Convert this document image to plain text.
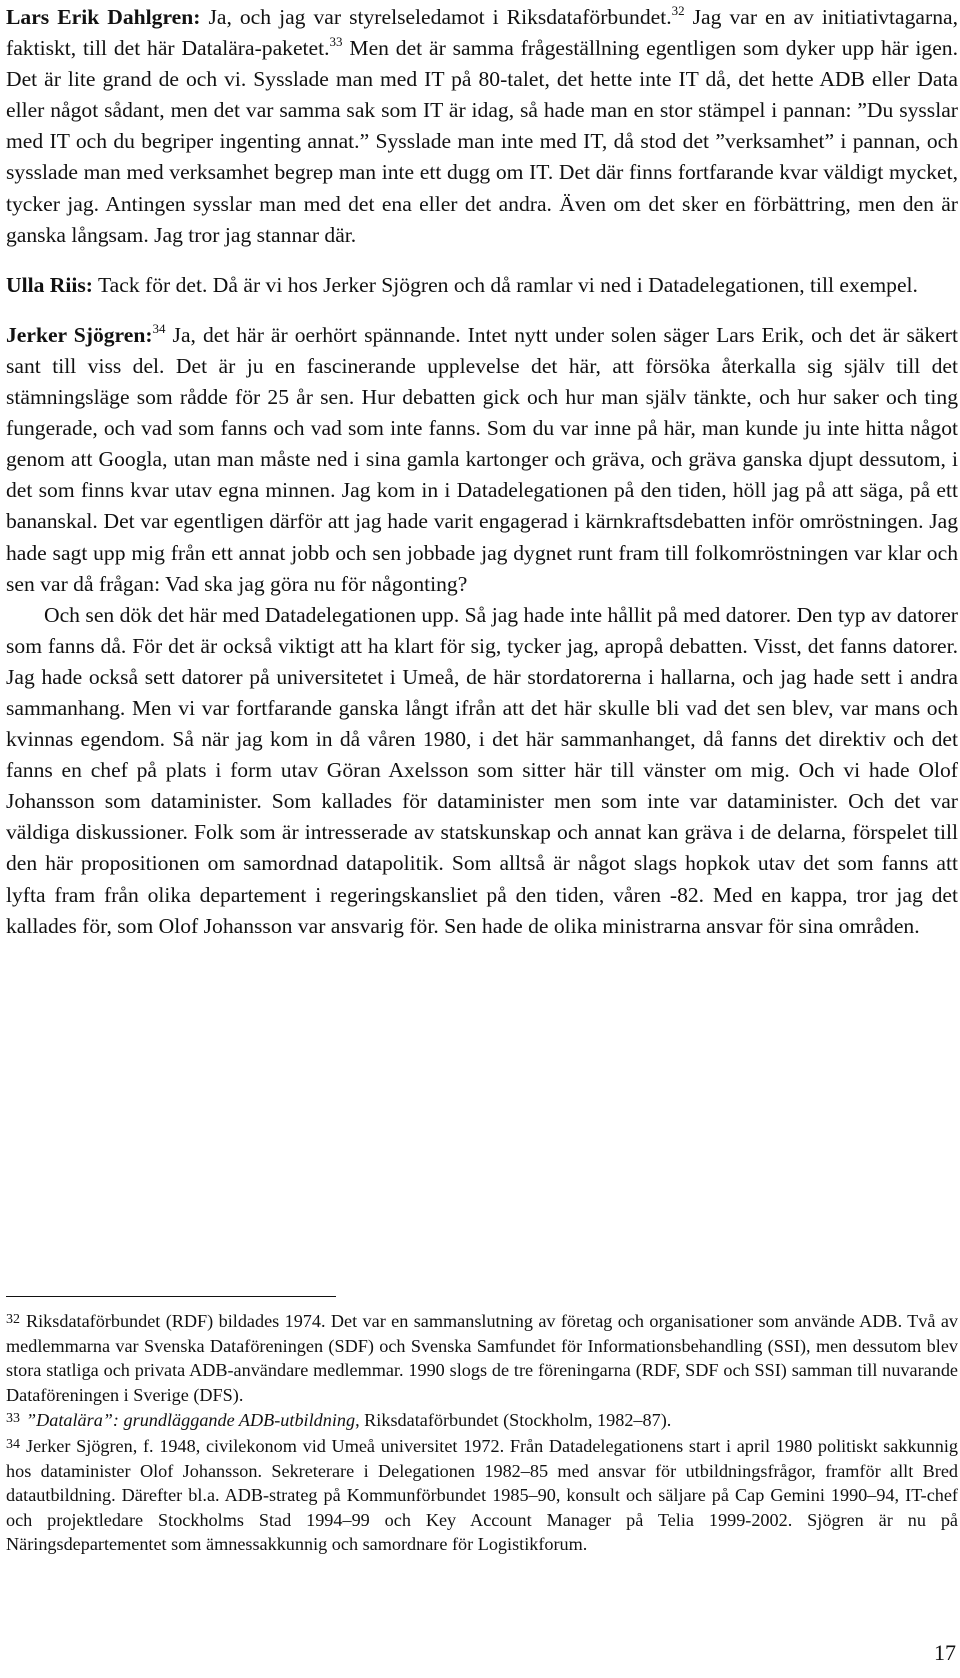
Lars Erik Dahlgren: Ja, och jag var styrelseledamot i Riksdataförbundet.$^{32}$ Jag var en av initiativtagarna, faktiskt, till det här Datalära-paketet.$^{33}$ Men det är samma frågeställning egentligen som dyker upp här igen. Det är lite grand de och vi. Sysslade man med IT på 80-talet, det hette inte IT då, det hette ADB eller Data eller något sådant, men det var samma sak som IT är idag, så hade man en stor stämpel i pannan: ”Du sysslar med IT och du begriper ingenting annat.” Sysslade man inte med IT, då stod det ”verksamhet” i pannan, och sysslade man med verksamhet begrep man inte ett dugg om IT. Det där finns fortfarande kvar väldigt mycket, tycker jag. Antingen sysslar man med det ena eller det andra. Även om det sker en förbättring, men den är ganska långsam. Jag tror jag stannar där.

Ulla Riis: Tack för det. Då är vi hos Jerker Sjögren och då ramlar vi ned i Datadelegationen, till exempel.

Jerker Sjögren:$^{34}$ Ja, det här är oerhört spännande. Intet nytt under solen säger Lars Erik, och det är säkert sant till viss del. Det är ju en fascinerande upplevelse det här, att försöka återkalla sig själv till det stämningsläge som rådde för 25 år sen. Hur debatten gick och hur man själv tänkte, och hur saker och ting fungerade, och vad som fanns och vad som inte fanns. Som du var inne på här, man kunde ju inte hitta något genom att Googla, utan man måste ned i sina gamla kartonger och gräva, och gräva ganska djupt dessutom, i det som finns kvar utav egna minnen. Jag kom in i Datadelegationen på den tiden, höll jag på att säga, på ett bananskal. Det var egentligen därför att jag hade varit engagerad i kärnkraftsdebatten inför omröstningen. Jag hade sagt upp mig från ett annat jobb och sen jobbade jag dygnet runt fram till folkomröstningen var klar och sen var då frågan: Vad ska jag göra nu för någonting?

Och sen dök det här med Datadelegationen upp. Så jag hade inte hållit på med datorer. Den typ av datorer som fanns då. För det är också viktigt att ha klart för sig, tycker jag, apropå debatten. Visst, det fanns datorer. Jag hade också sett datorer på universitetet i Umeå, de här stordatorerna i hallarna, och jag hade sett i andra sammanhang. Men vi var fortfarande ganska långt ifrån att det här skulle bli vad det sen blev, var mans och kvinnas egendom. Så när jag kom in då våren 1980, i det här sammanhanget, då fanns det direktiv och det fanns en chef på plats i form utav Göran Axelsson som sitter här till vänster om mig. Och vi hade Olof Johansson som dataminister. Som kallades för dataminister men som inte var dataminister. Och det var väldiga diskussioner. Folk som är intresserade av statskunskap och annat kan gräva i de delarna, förspelet till den här propositionen om samordnad datapolitik. Som alltså är något slags hopkok utav det som fanns att lyfta fram från olika departement i regeringskansliet på den tiden, våren -82. Med en kappa, tror jag det kallades för, som Olof Johansson var ansvarig för. Sen hade de olika ministrarna ansvar för sina områden.

$^{32}$ Riksdataförbundet (RDF) bildades 1974. Det var en sammanslutning av företag och organisationer som använde ADB. Två av medlemmarna var Svenska Dataföreningen (SDF) och Svenska Samfundet för Informationsbehandling (SSI), men dessutom blev stora statliga och privata ADB-användare medlemmar. 1990 slogs de tre föreningarna (RDF, SDF och SSI) samman till nuvarande Dataföreningen i Sverige (DFS).

$^{33}$ ”Datalära”: grundläggande ADB-utbildning, Riksdataförbundet (Stockholm, 1982–87).

$^{34}$ Jerker Sjögren, f. 1948, civilekonom vid Umeå universitet 1972. Från Datadelegationens start i april 1980 politiskt sakkunnig hos dataminister Olof Johansson. Sekreterare i Delegationen 1982–85 med ansvar för utbildningsfrågor, framför allt Bred datautbildning. Därefter bl.a. ADB-strateg på Kommunförbundet 1985–90, konsult och säljare på Cap Gemini 1990–94, IT-chef och projektledare Stockholms Stad 1994–99 och Key Account Manager på Telia 1999-2002. Sjögren är nu på Näringsdepartementet som ämnessakkunnig och samordnare för Logistikforum.

17
